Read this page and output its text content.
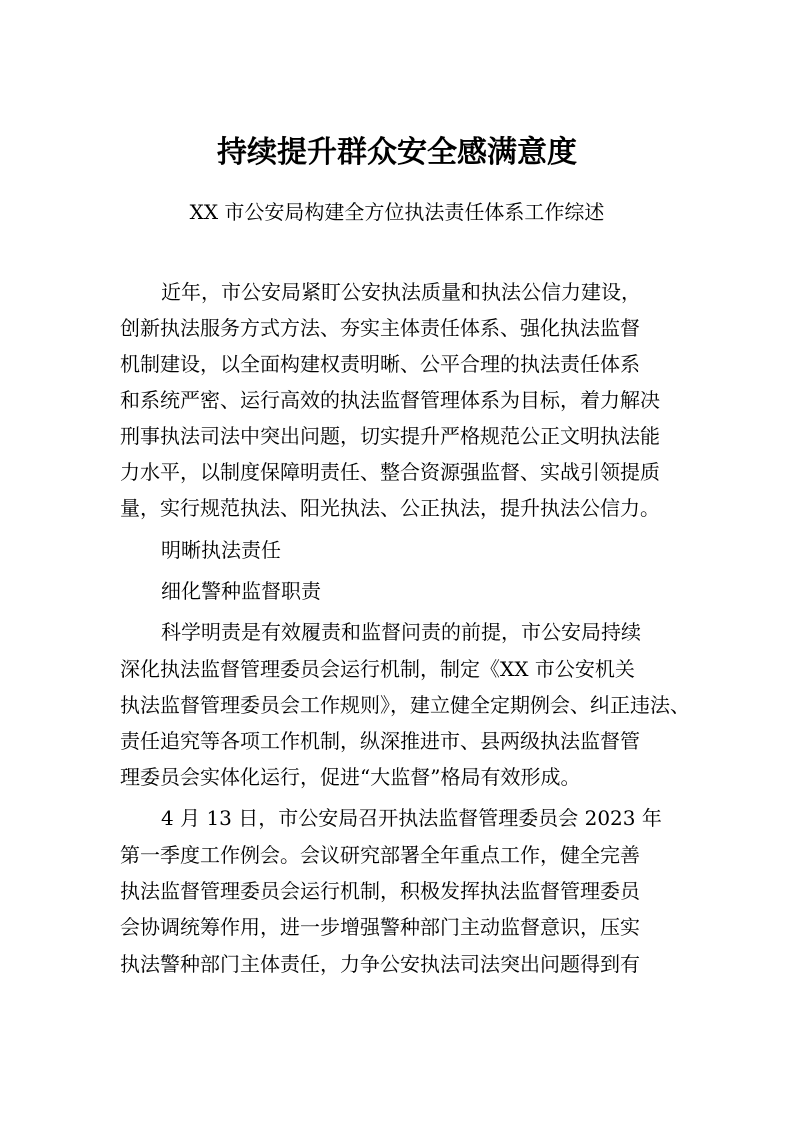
持续提升群众安全感满意度
XX 市公安局构建全方位执法责任体系工作综述
近年，市公安局紧盯公安执法质量和执法公信力建设，
创新执法服务方式方法、夯实主体责任体系、强化执法监督
机制建设，以全面构建权责明晰、公平合理的执法责任体系
和系统严密、运行高效的执法监督管理体系为目标，着力解决
刑事执法司法中突出问题，切实提升严格规范公正文明执法能
力水平，以制度保障明责任、整合资源强监督、实战引领提质
量，实行规范执法、阳光执法、公正执法，提升执法公信力。
明晰执法责任
细化警种监督职责
科学明责是有效履责和监督问责的前提，市公安局持续
深化执法监督管理委员会运行机制，制定《XX 市公安机关
执法监督管理委员会工作规则》，建立健全定期例会、纠正违法、
责任追究等各项工作机制，纵深推进市、县两级执法监督管
理委员会实体化运行，促进“大监督”格局有效形成。
4 月 13 日，市公安局召开执法监督管理委员会 2023 年
第一季度工作例会。会议研究部署全年重点工作，健全完善
执法监督管理委员会运行机制，积极发挥执法监督管理委员
会协调统筹作用，进一步增强警种部门主动监督意识，压实
执法警种部门主体责任，力争公安执法司法突出问题得到有
